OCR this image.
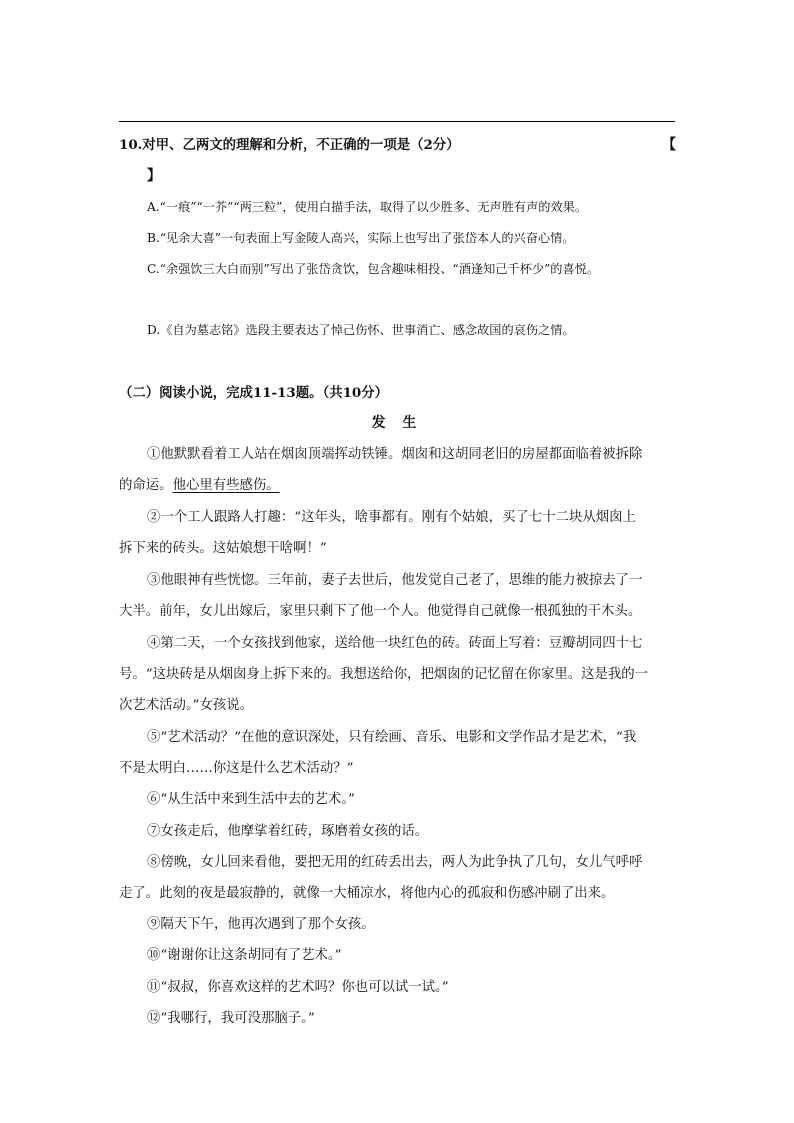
10.对甲、乙两文的理解和分析，不正确的一项是（2分）	【
】
A.“一痕”“一芥”“两三粒”，使用白描手法，取得了以少胜多、无声胜有声的效果。
B.“见余大喜”一句表面上写金陵人高兴，实际上也写出了张岱本人的兴奋心情。
C.“余强饮三大白而别”写出了张岱贪饮，包含趣味相投、“酒逢知己千杯少”的喜悦。
D.《自为墓志铭》选段主要表达了悼己伤怀、世事消亡、感念故国的哀伤之情。
（二）阅读小说，完成11-13题。（共10分）
发 生
①他默默看着工人站在烟囱顶端挥动铁锤。烟囱和这胡同老旧的房屋都面临着被拆除
的命运。他心里有些感伤。
②一个工人跟路人打趣：“这年头，啥事都有。刚有个姑娘，买了七十二块从烟囱上
拆下来的砖头。这姑娘想干啥啊！”
③他眼神有些恍惚。三年前，妻子去世后，他发觉自己老了，思维的能力被掠去了一
大半。前年，女儿出嫁后，家里只剩下了他一个人。他觉得自己就像一根孤独的干木头。
④第二天，一个女孩找到他家，送给他一块红色的砖。砖面上写着：豆瓣胡同四十七
号。“这块砖是从烟囱身上拆下来的。我想送给你，把烟囱的记忆留在你家里。这是我的一
次艺术活动。”女孩说。
⑤“艺术活动？”在他的意识深处，只有绘画、音乐、电影和文学作品才是艺术，“我
不是太明白……你这是什么艺术活动？”
⑥“从生活中来到生活中去的艺术。”
⑦女孩走后，他摩挲着红砖，琢磨着女孩的话。
⑧傍晚，女儿回来看他，要把无用的红砖丢出去，两人为此争执了几句，女儿气呼呼
走了。此刻的夜是最寂静的，就像一大桶凉水，将他内心的孤寂和伤感冲刷了出来。
⑨隔天下午，他再次遇到了那个女孩。
⑩“谢谢你让这条胡同有了艺术。”
⑪“叔叔，你喜欢这样的艺术吗？你也可以试一试。”
⑫“我哪行，我可没那脑子。”
